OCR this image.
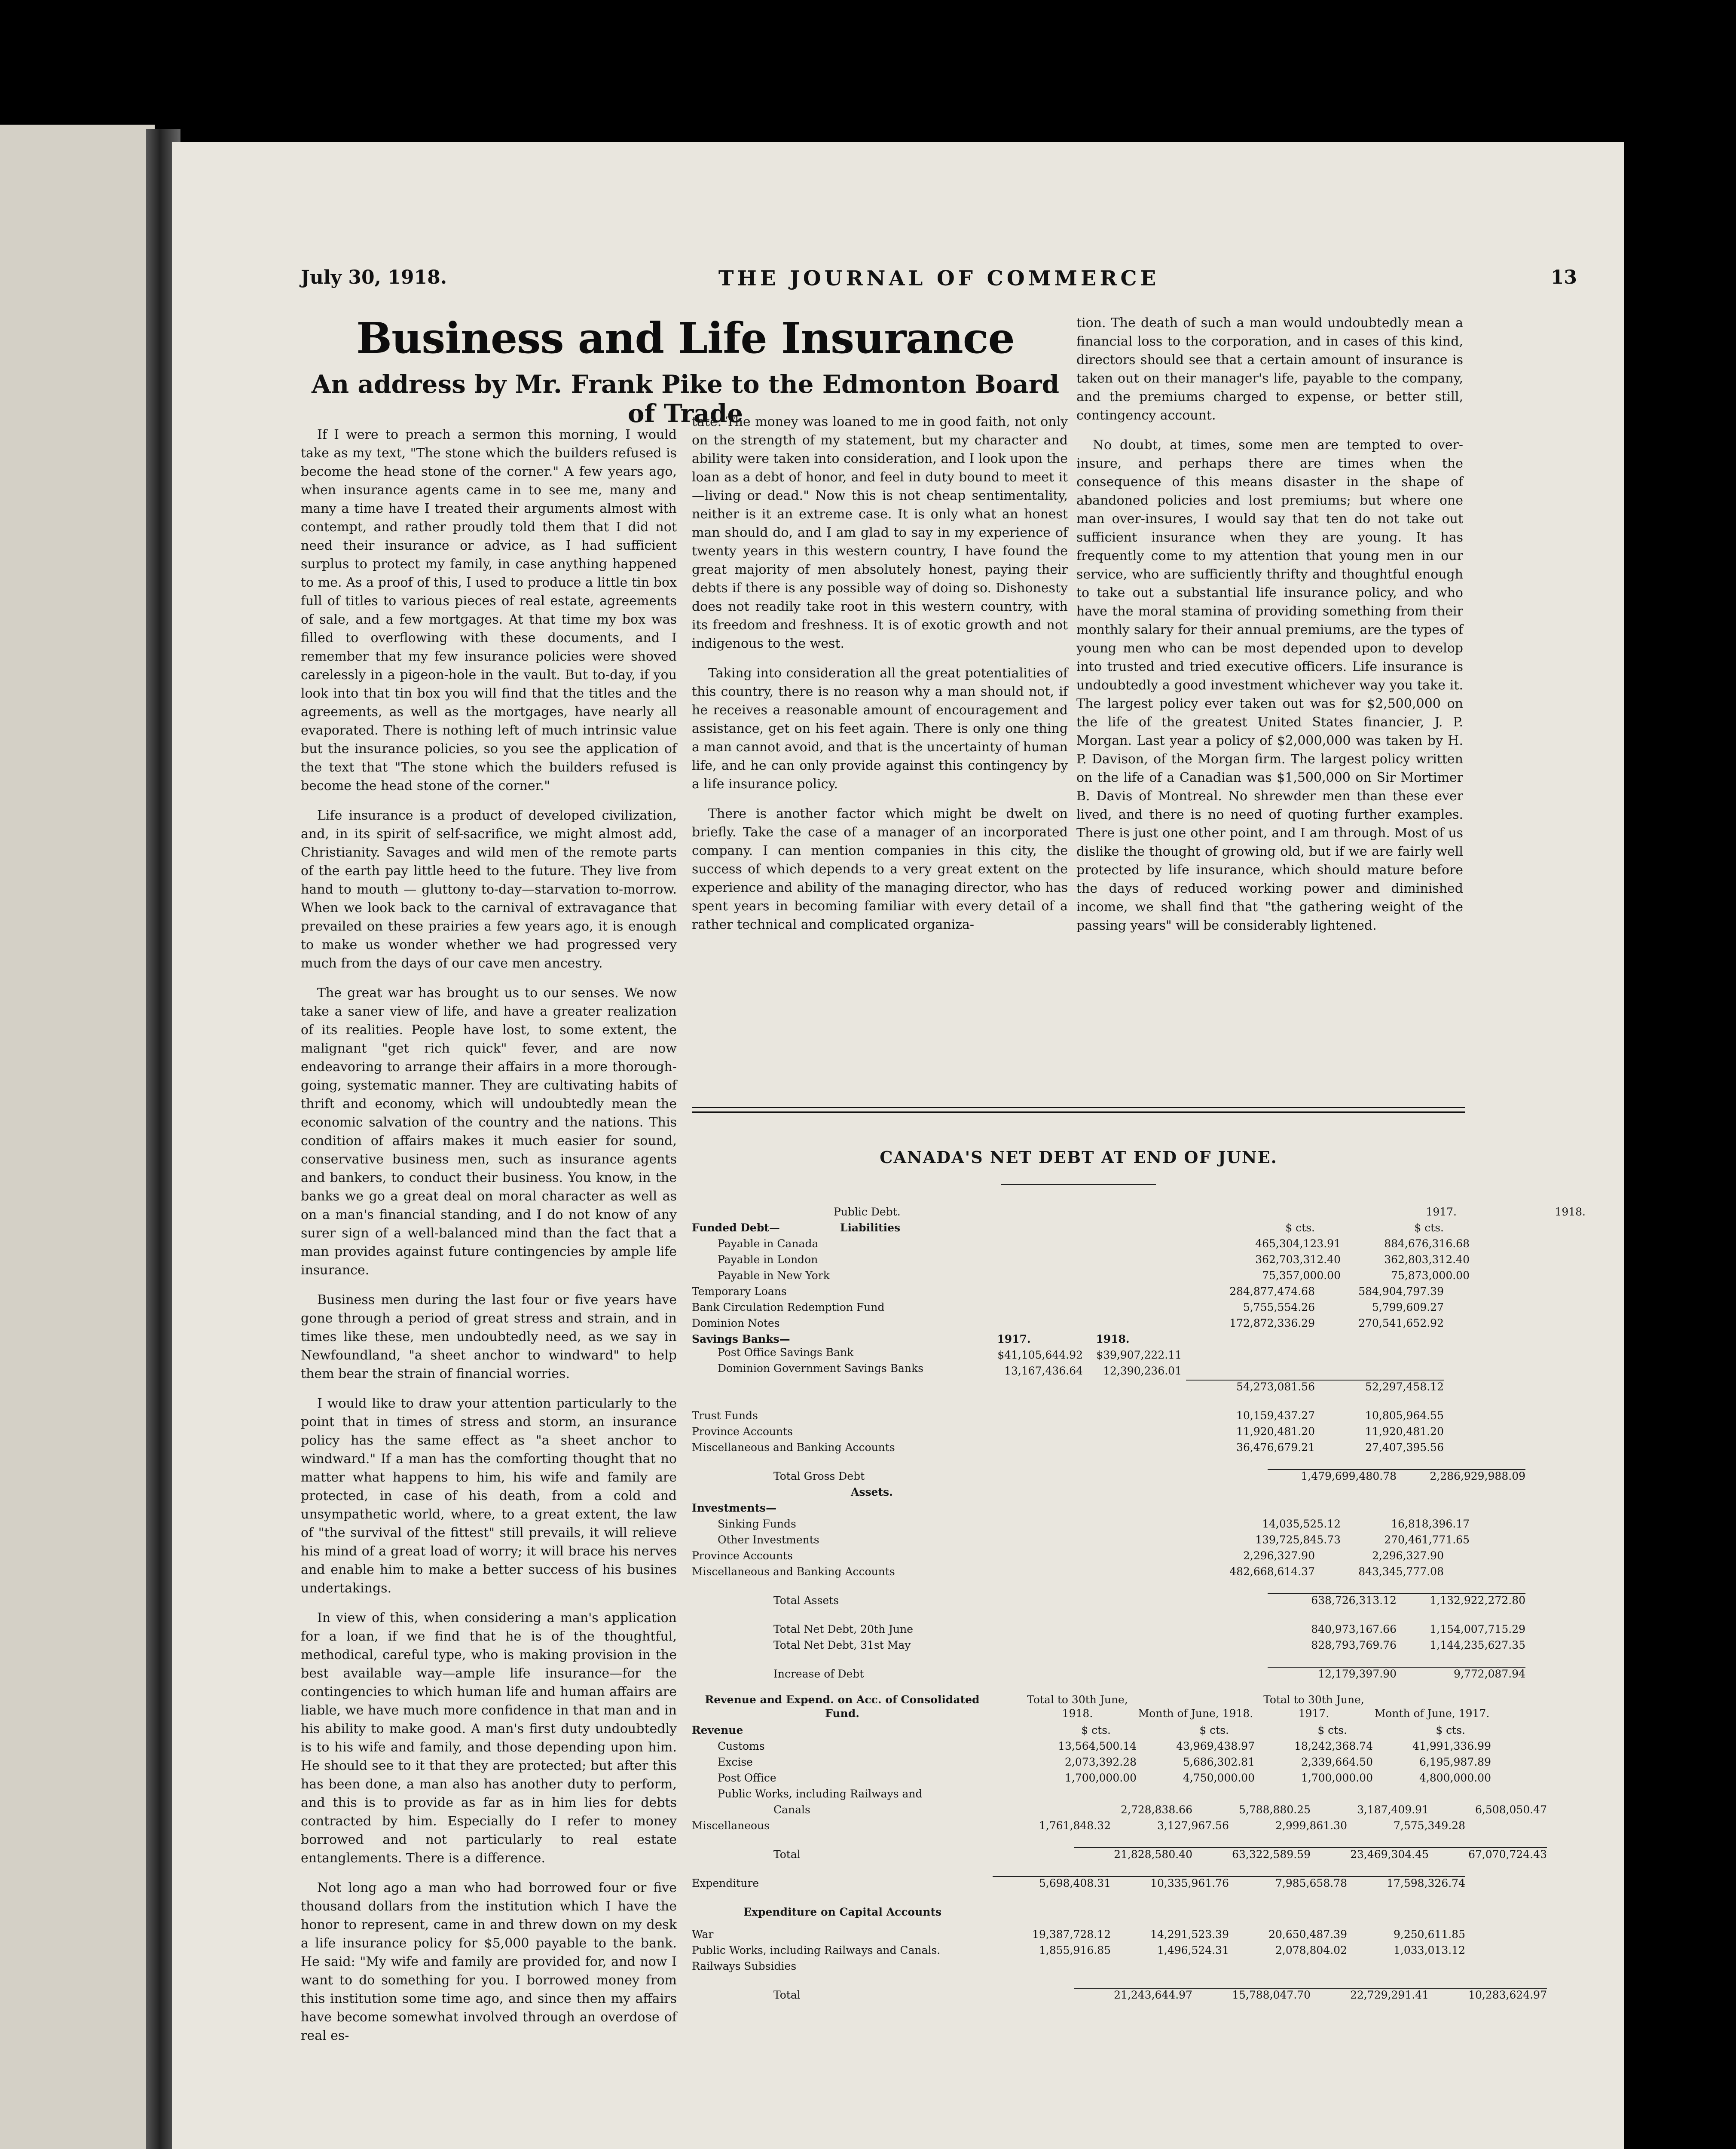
July 30, 1918.	THE JOURNAL OF COMMERCE	13
Business and Life Insurance
An address by Mr. Frank Pike to the Edmonton Board of Trade

If I were to preach a sermon this morning, I would take as my text, "The stone which the builders refused is become the head stone of the corner." A few years ago, when insurance agents came in to see me, many and many a time have I treated their arguments almost with contempt, and rather proudly told them that I did not need their insurance or advice, as I had sufficient surplus to protect my family, in case anything happened to me. As a proof of this, I used to produce a little tin box full of titles to various pieces of real estate, agreements of sale, and a few mortgages. At that time my box was filled to overflowing with these documents, and I remember that my few insurance policies were shoved carelessly in a pigeon-hole in the vault. But to-day, if you look into that tin box you will find that the titles and the agreements, as well as the mortgages, have nearly all evaporated. There is nothing left of much intrinsic value but the insurance policies, so you see the application of the text that "The stone which the builders refused is become the head stone of the corner."

Life insurance is a product of developed civilization, and, in its spirit of self-sacrifice, we might almost add, Christianity. Savages and wild men of the remote parts of the earth pay little heed to the future. They live from hand to mouth — gluttony to-day—starvation to-morrow. When we look back to the carnival of extravagance that prevailed on these prairies a few years ago, it is enough to make us wonder whether we had progressed very much from the days of our cave men ancestry.

The great war has brought us to our senses. We now take a saner view of life, and have a greater realization of its realities. People have lost, to some extent, the malignant "get rich quick" fever, and are now endeavoring to arrange their affairs in a more thorough-going, systematic manner. They are cultivating habits of thrift and economy, which will undoubtedly mean the economic salvation of the country and the nations. This condition of affairs makes it much easier for sound, conservative business men, such as insurance agents and bankers, to conduct their business. You know, in the banks we go a great deal on moral character as well as on a man's financial standing, and I do not know of any surer sign of a well-balanced mind than the fact that a man provides against future contingencies by ample life insurance.

Business men during the last four or five years have gone through a period of great stress and strain, and in times like these, men undoubtedly need, as we say in Newfoundland, "a sheet anchor to windward" to help them bear the strain of financial worries.

I would like to draw your attention particularly to the point that in times of stress and storm, an insurance policy has the same effect as "a sheet anchor to windward." If a man has the comforting thought that no matter what happens to him, his wife and family are protected, in case of his death, from a cold and unsympathetic world, where, to a great extent, the law of "the survival of the fittest" still prevails, it will relieve his mind of a great load of worry; it will brace his nerves and enable him to make a better success of his busines undertakings.

In view of this, when considering a man's application for a loan, if we find that he is of the thoughtful, methodical, careful type, who is making provision in the best available way—ample life insurance—for the contingencies to which human life and human affairs are liable, we have much more confidence in that man and in his ability to make good. A man's first duty undoubtedly is to his wife and family, and those depending upon him. He should see to it that they are protected; but after this has been done, a man also has another duty to perform, and this is to provide as far as in him lies for debts contracted by him. Especially do I refer to money borrowed and not particularly to real estate entanglements. There is a difference.

Not long ago a man who had borrowed four or five thousand dollars from the institution which I have the honor to represent, came in and threw down on my desk a life insurance policy for $5,000 payable to the bank. He said: "My wife and family are provided for, and now I want to do something for you. I borrowed money from this institution some time ago, and since then my affairs have become somewhat involved through an overdose of real es-

tate. The money was loaned to me in good faith, not only on the strength of my statement, but my character and ability were taken into consideration, and I look upon the loan as a debt of honor, and feel in duty bound to meet it—living or dead." Now this is not cheap sentimentality, neither is it an extreme case. It is only what an honest man should do, and I am glad to say in my experience of twenty years in this western country, I have found the great majority of men absolutely honest, paying their debts if there is any possible way of doing so. Dishonesty does not readily take root in this western country, with its freedom and freshness. It is of exotic growth and not indigenous to the west.

Taking into consideration all the great potentialities of this country, there is no reason why a man should not, if he receives a reasonable amount of encouragement and assistance, get on his feet again. There is only one thing a man cannot avoid, and that is the uncertainty of human life, and he can only provide against this contingency by a life insurance policy.

There is another factor which might be dwelt on briefly. Take the case of a manager of an incorporated company. I can mention companies in this city, the success of which depends to a very great extent on the experience and ability of the managing director, who has spent years in becoming familiar with every detail of a rather technical and complicated organiza-

tion. The death of such a man would undoubtedly mean a financial loss to the corporation, and in cases of this kind, directors should see that a certain amount of insurance is taken out on their manager's life, payable to the company, and the premiums charged to expense, or better still, contingency account.

No doubt, at times, some men are tempted to over-insure, and perhaps there are times when the consequence of this means disaster in the shape of abandoned policies and lost premiums; but where one man over-insures, I would say that ten do not take out sufficient insurance when they are young. It has frequently come to my attention that young men in our service, who are sufficiently thrifty and thoughtful enough to take out a substantial life insurance policy, and who have the moral stamina of providing something from their monthly salary for their annual premiums, are the types of young men who can be most depended upon to develop into trusted and tried executive officers. Life insurance is undoubtedly a good investment whichever way you take it. The largest policy ever taken out was for $2,500,000 on the life of the greatest United States financier, J. P. Morgan. Last year a policy of $2,000,000 was taken by H. P. Davison, of the Morgan firm. The largest policy written on the life of a Canadian was $1,500,000 on Sir Mortimer B. Davis of Montreal. No shrewder men than these ever lived, and there is no need of quoting further examples. There is just one other point, and I am through. Most of us dislike the thought of growing old, but if we are fairly well protected by life insurance, which should mature before the days of reduced working power and diminished income, we shall find that "the gathering weight of the passing years" will be considerably lightened.

CANADA'S NET DEBT AT END OF JUNE.
Public Debt.	1917.	1918.
Funded Debt—	Liabilities	$ cts.	$ cts.
Payable in Canada	465,304,123.91	884,676,316.68
Payable in London	362,703,312.40	362,803,312.40
Payable in New York	75,357,000.00	75,873,000.00
Temporary Loans	284,877,474.68	584,904,797.39
Bank Circulation Redemption Fund	5,755,554.26	5,799,609.27
Dominion Notes	172,872,336.29	270,541,652.92
Savings Banks—	1917.	1918.
Post Office Savings Bank	$41,105,644.92 $39,907,222.11
Dominion Government Savings Banks	13,167,436.64 12,390,236.01
54,273,081.56	52,297,458.12
Trust Funds	10,159,437.27	10,805,964.55
Province Accounts	11,920,481.20	11,920,481.20
Miscellaneous and Banking Accounts	36,476,679.21	27,407,395.56
Total Gross Debt	1,479,699,480.78	2,286,929,988.09
Assets.
Investments—
Sinking Funds	14,035,525.12	16,818,396.17
Other Investments	139,725,845.73	270,461,771.65
Province Accounts	2,296,327.90	2,296,327.90
Miscellaneous and Banking Accounts	482,668,614.37	843,345,777.08
Total Assets	638,726,313.12	1,132,922,272.80
Total Net Debt, 20th June	840,973,167.66	1,154,007,715.29
Total Net Debt, 31st May	828,793,769.76	1,144,235,627.35
Increase of Debt	12,179,397.90	9,772,087.94
Revenue and Expend. on Acc. of Consolidated Fund.
Total to 30th June, 1918.	Month of June, 1918.
Total to 30th June, 1917.	Month of June, 1917.
Revenue	$ cts.	$ cts.	$ cts.	$ cts.
Customs	13,564,500.14	43,969,438.97	18,242,368.74	41,991,336.99
Excise	2,073,392.28	5,686,302.81	2,339,664.50	6,195,987.89
Post Office	1,700,000.00	4,750,000.00	1,700,000.00	4,800,000.00
Public Works, including Railways and
Canals	2,728,838.66	5,788,880.25	3,187,409.91	6,508,050.47
Miscellaneous	1,761,848.32	3,127,967.56	2,999,861.30	7,575,349.28
Total	21,828,580.40	63,322,589.59	23,469,304.45	67,070,724.43
Expenditure	5,698,408.31	10,335,961.76	7,985,658.78	17,598,326.74
Expenditure on Capital Accounts
War	19,387,728.12	14,291,523.39	20,650,487.39	9,250,611.85
Public Works, including Railways and Canals.	1,855,916.85	1,496,524.31	2,078,804.02	1,033,013.12
Railways Subsidies
Total	21,243,644.97	15,788,047.70	22,729,291.41	10,283,624.97
